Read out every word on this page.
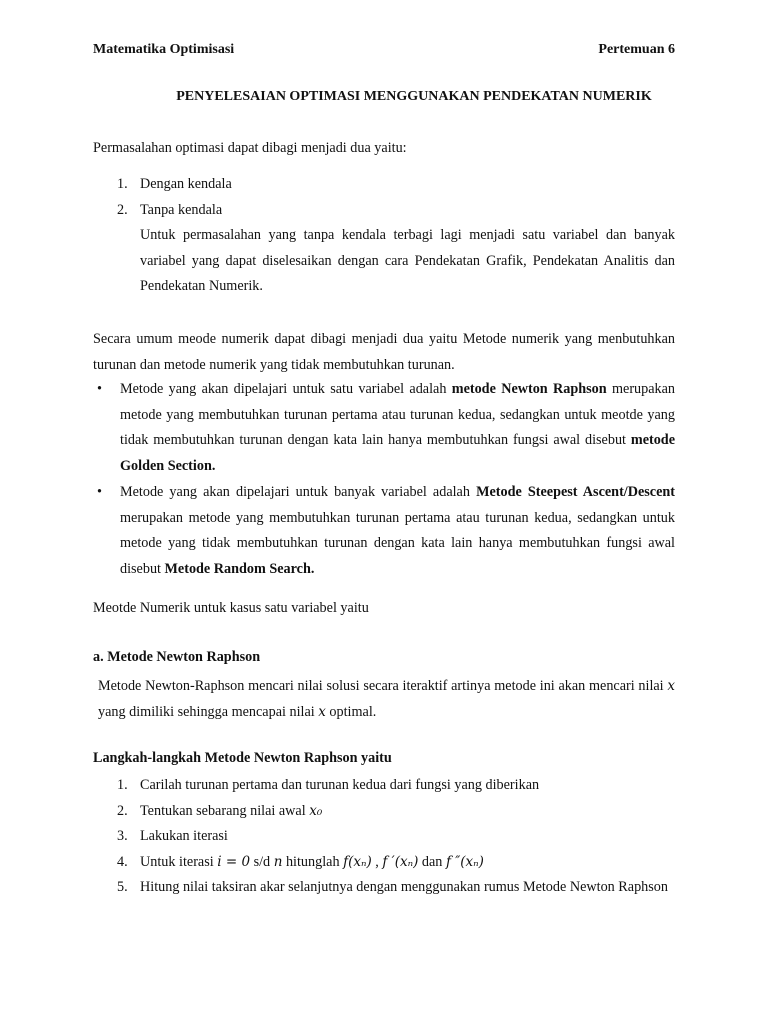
Matematika Optimisasi	Pertemuan 6
PENYELESAIAN OPTIMASI MENGGUNAKAN PENDEKATAN NUMERIK
Permasalahan optimasi dapat dibagi menjadi dua yaitu:
1. Dengan kendala
2. Tanpa kendala
Untuk permasalahan yang tanpa kendala terbagi lagi menjadi satu variabel dan banyak variabel yang dapat diselesaikan dengan cara Pendekatan Grafik, Pendekatan Analitis dan Pendekatan Numerik.
Secara umum meode numerik dapat dibagi menjadi dua yaitu Metode numerik yang menbutuhkan turunan dan metode numerik yang tidak membutuhkan turunan.
• Metode yang akan dipelajari untuk satu variabel adalah metode Newton Raphson merupakan metode yang membutuhkan turunan pertama atau turunan kedua, sedangkan untuk meotde yang tidak membutuhkan turunan dengan kata lain hanya membutuhkan fungsi awal disebut metode Golden Section.
• Metode yang akan dipelajari untuk banyak variabel adalah Metode Steepest Ascent/Descent merupakan metode yang membutuhkan turunan pertama atau turunan kedua, sedangkan untuk metode yang tidak membutuhkan turunan dengan kata lain hanya membutuhkan fungsi awal disebut Metode Random Search.
Meotde Numerik untuk kasus satu variabel yaitu
a. Metode Newton Raphson
Metode Newton-Raphson mencari nilai solusi secara iteraktif artinya metode ini akan mencari nilai x yang dimiliki sehingga mencapai nilai x optimal.
Langkah-langkah Metode Newton Raphson yaitu
1. Carilah turunan pertama dan turunan kedua dari fungsi yang diberikan
2. Tentukan sebarang nilai awal x₀
3. Lakukan iterasi
4. Untuk iterasi i = 0 s/d n hitunglah f(xₙ) , f ′(xₙ) dan f ″(xₙ)
5. Hitung nilai taksiran akar selanjutnya dengan menggunakan rumus Metode Newton Raphson
